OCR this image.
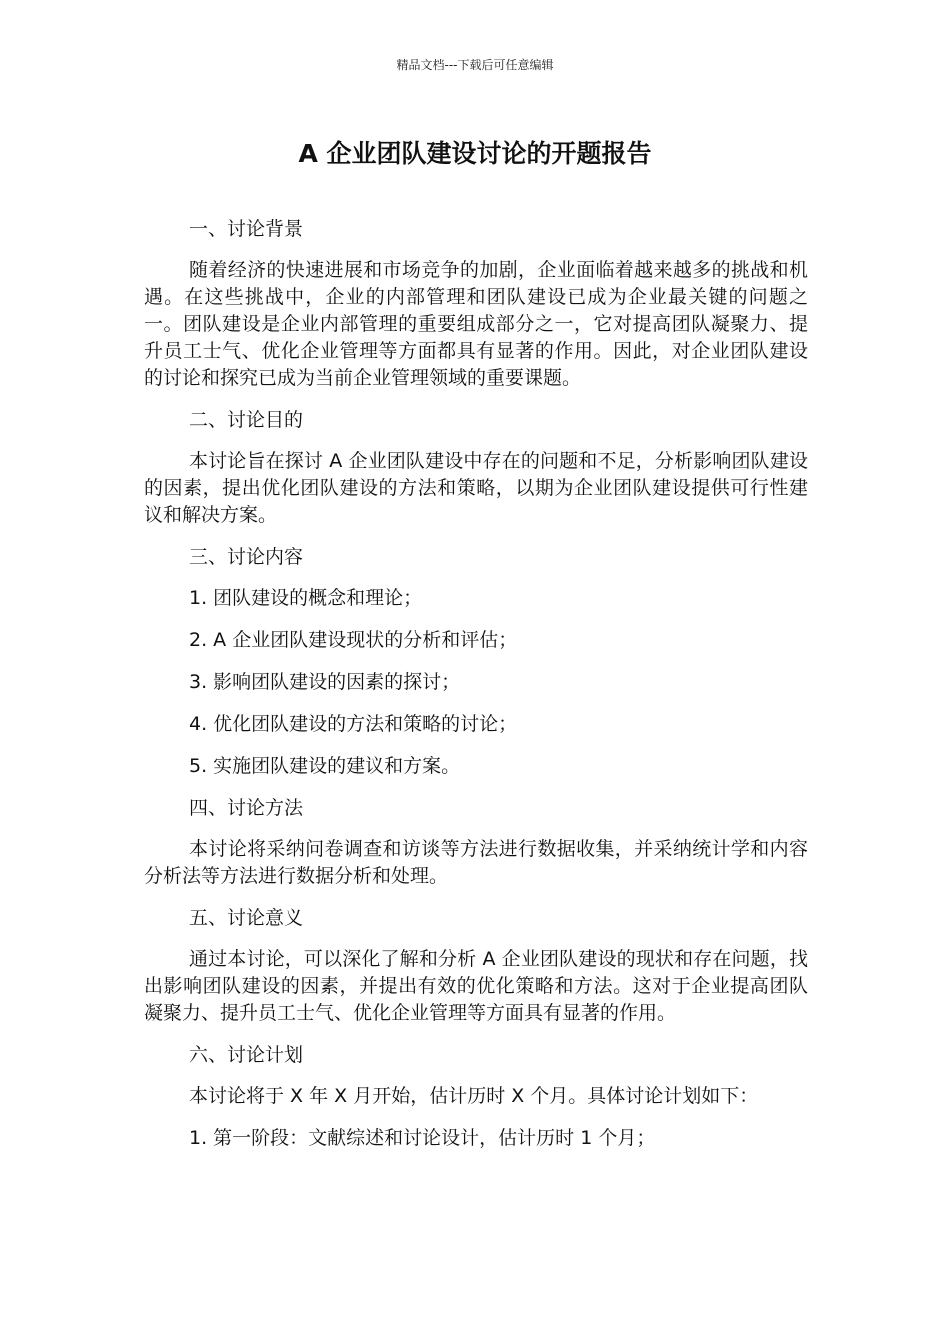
精品文档---下载后可任意编辑
A 企业团队建设讨论的开题报告

一、讨论背景

随着经济的快速进展和市场竞争的加剧，企业面临着越来越多的挑战和机遇。在这些挑战中，企业的内部管理和团队建设已成为企业最关键的问题之一。团队建设是企业内部管理的重要组成部分之一，它对提高团队凝聚力、提升员工士气、优化企业管理等方面都具有显著的作用。因此，对企业团队建设的讨论和探究已成为当前企业管理领域的重要课题。

二、讨论目的

本讨论旨在探讨 A 企业团队建设中存在的问题和不足，分析影响团队建设的因素，提出优化团队建设的方法和策略，以期为企业团队建设提供可行性建议和解决方案。

三、讨论内容

1. 团队建设的概念和理论；

2. A 企业团队建设现状的分析和评估；

3. 影响团队建设的因素的探讨；

4. 优化团队建设的方法和策略的讨论；

5. 实施团队建设的建议和方案。

四、讨论方法

本讨论将采纳问卷调查和访谈等方法进行数据收集，并采纳统计学和内容分析法等方法进行数据分析和处理。

五、讨论意义

通过本讨论，可以深化了解和分析 A 企业团队建设的现状和存在问题，找出影响团队建设的因素，并提出有效的优化策略和方法。这对于企业提高团队凝聚力、提升员工士气、优化企业管理等方面具有显著的作用。

六、讨论计划

本讨论将于 X 年 X 月开始，估计历时 X 个月。具体讨论计划如下：

1. 第一阶段：文献综述和讨论设计，估计历时 1 个月；
